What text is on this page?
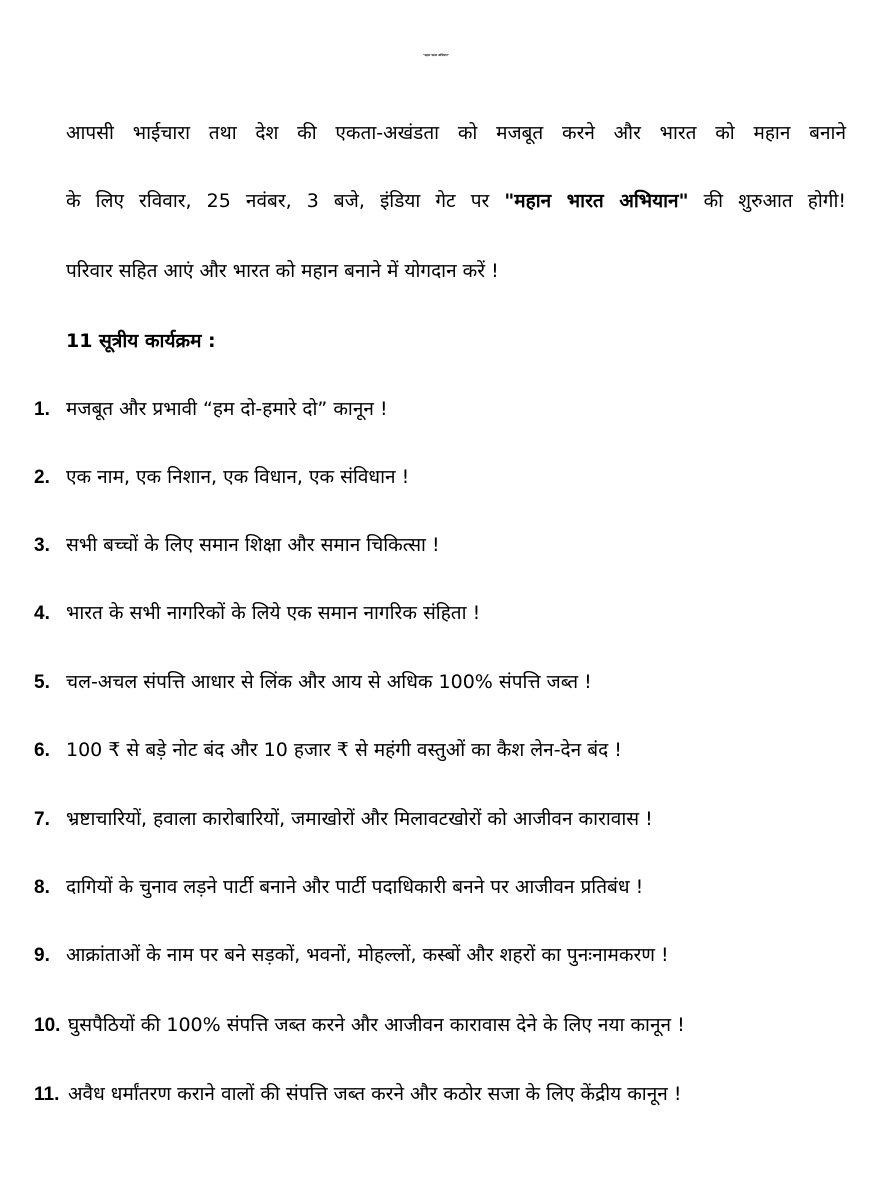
"महान भारत अभियान"
आपसी भाईचारा तथा देश की एकता-अखंडता को मजबूत करने और भारत को महान बनाने
के लिए रविवार, 25 नवंबर, 3 बजे, इंडिया गेट पर "महान भारत अभियान" की शुरुआत होगी!
परिवार सहित आएं और भारत को महान बनाने में योगदान करें !
11 सूत्रीय कार्यक्रम :
1. मजबूत और प्रभावी “हम दो-हमारे दो” कानून !
2. एक नाम, एक निशान, एक विधान, एक संविधान !
3. सभी बच्चों के लिए समान शिक्षा और समान चिकित्सा !
4. भारत के सभी नागरिकों के लिये एक समान नागरिक संहिता !
5. चल-अचल संपत्ति आधार से लिंक और आय से अधिक 100% संपत्ति जब्त !
6. 100 ₹ से बड़े नोट बंद और 10 हजार ₹ से महंगी वस्तुओं का कैश लेन-देन बंद !
7. भ्रष्टाचारियों, हवाला कारोबारियों, जमाखोरों और मिलावटखोरों को आजीवन कारावास !
8. दागियों के चुनाव लड़ने पार्टी बनाने और पार्टी पदाधिकारी बनने पर आजीवन प्रतिबंध !
9. आक्रांताओं के नाम पर बने सड़कों, भवनों, मोहल्लों, कस्बों और शहरों का पुनःनामकरण !
10. घुसपैठियों की 100% संपत्ति जब्त करने और आजीवन कारावास देने के लिए नया कानून !
11. अवैध धर्मांतरण कराने वालों की संपत्ति जब्त करने और कठोर सजा के लिए केंद्रीय कानून !
